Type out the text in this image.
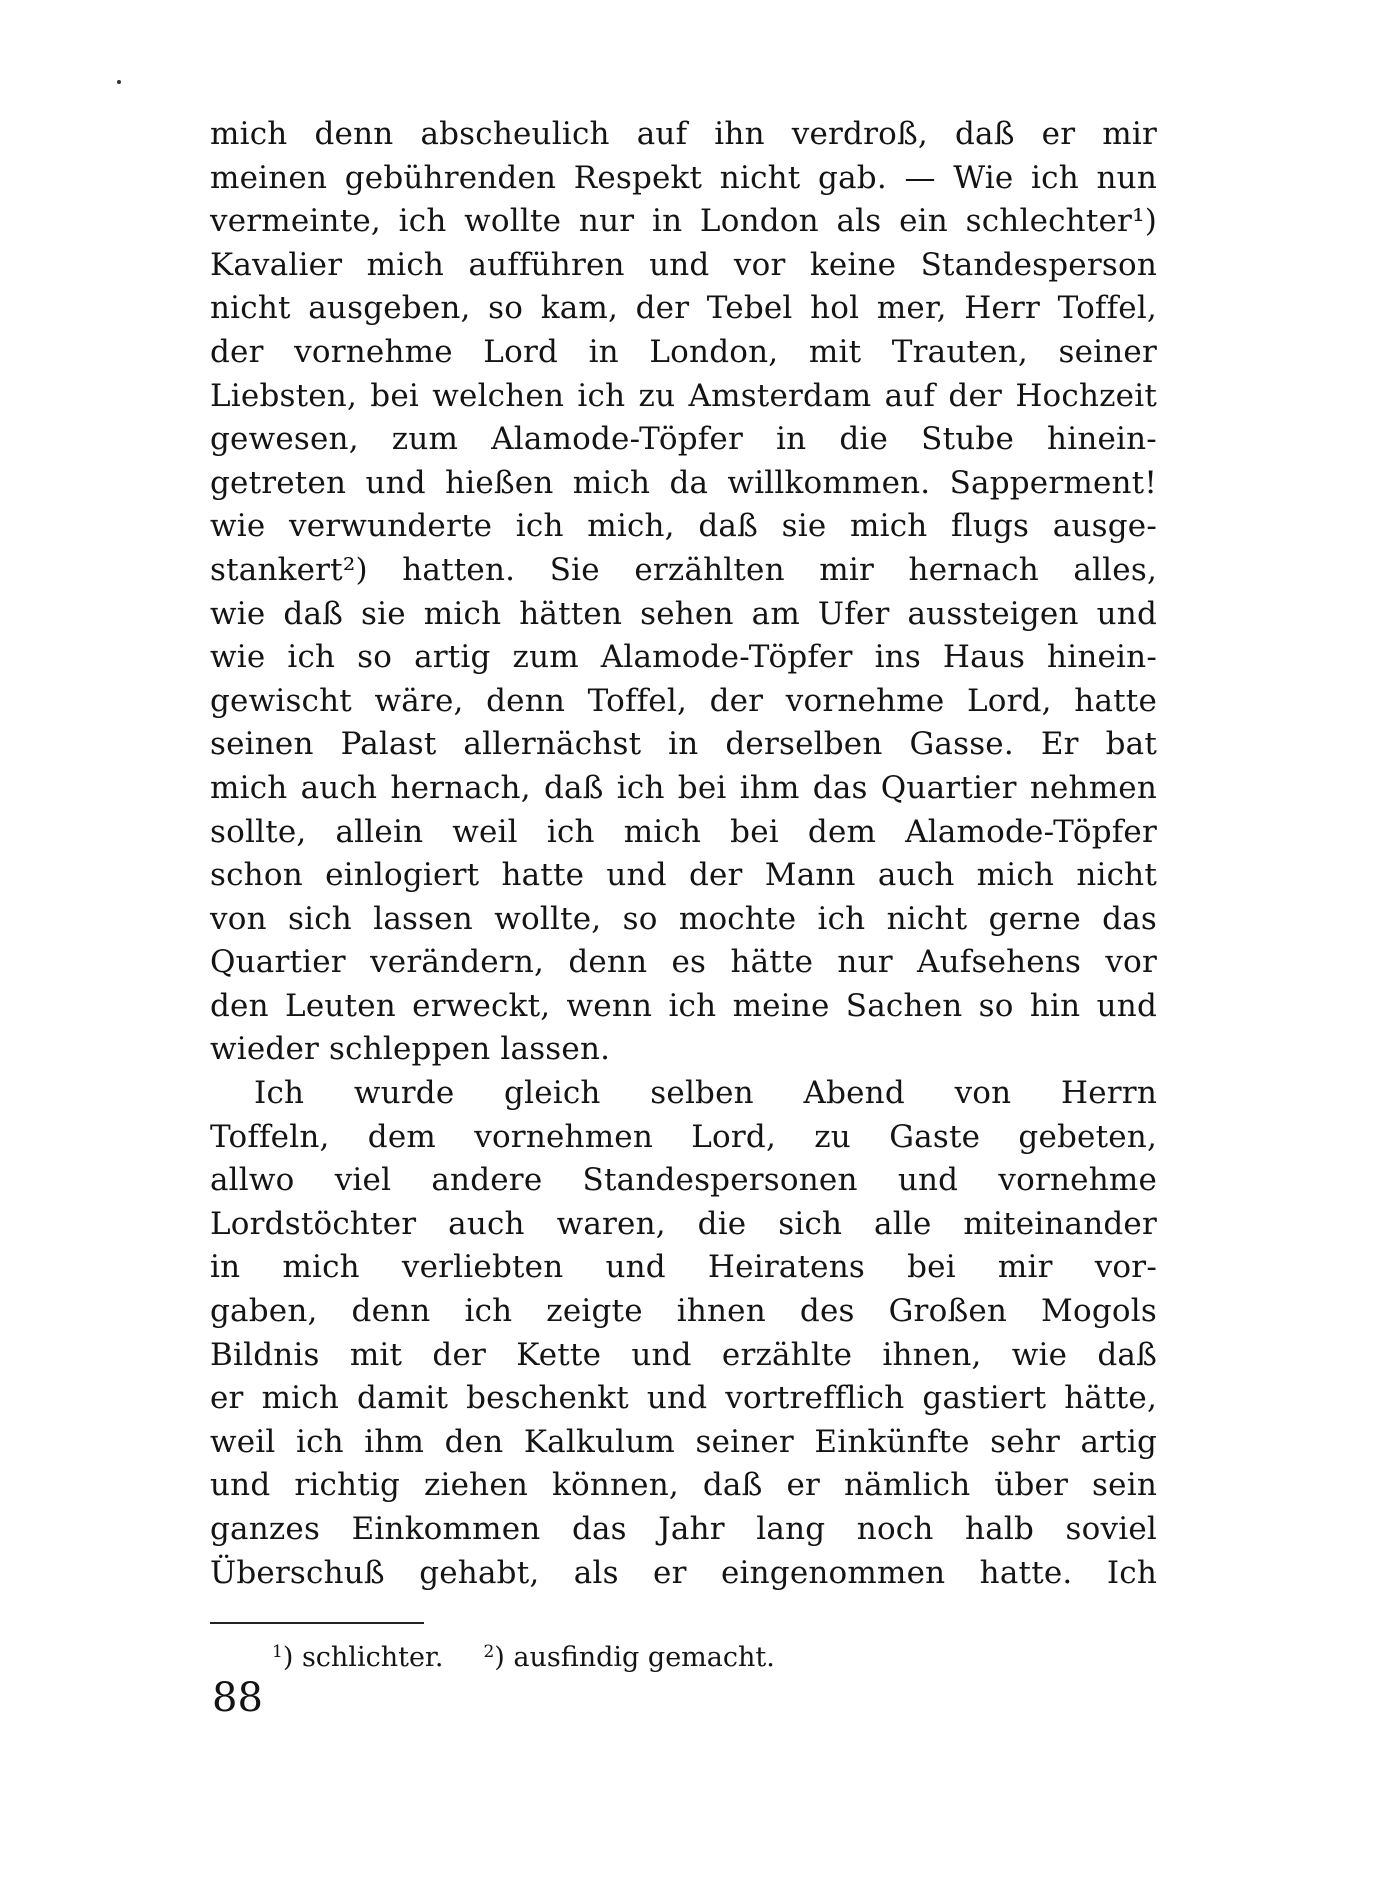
mich denn abscheulich auf ihn verdroß, daß er mir
meinen gebührenden Respekt nicht gab. — Wie ich nun
vermeinte, ich wollte nur in London als ein schlechter¹)
Kavalier mich aufführen und vor keine Standesperson
nicht ausgeben, so kam, der Tebel hol mer, Herr Toffel,
der vornehme Lord in London, mit Trauten, seiner
Liebsten, bei welchen ich zu Amsterdam auf der Hochzeit
gewesen, zum Alamode-Töpfer in die Stube hinein-
getreten und hießen mich da willkommen. Sapperment!
wie verwunderte ich mich, daß sie mich flugs ausge-
stankert²) hatten. Sie erzählten mir hernach alles,
wie daß sie mich hätten sehen am Ufer aussteigen und
wie ich so artig zum Alamode-Töpfer ins Haus hinein-
gewischt wäre, denn Toffel, der vornehme Lord, hatte
seinen Palast allernächst in derselben Gasse. Er bat
mich auch hernach, daß ich bei ihm das Quartier nehmen
sollte, allein weil ich mich bei dem Alamode-Töpfer
schon einlogiert hatte und der Mann auch mich nicht
von sich lassen wollte, so mochte ich nicht gerne das
Quartier verändern, denn es hätte nur Aufsehens vor
den Leuten erweckt, wenn ich meine Sachen so hin und
wieder schleppen lassen.
Ich wurde gleich selben Abend von Herrn
Toffeln, dem vornehmen Lord, zu Gaste gebeten,
allwo viel andere Standespersonen und vornehme
Lordstöchter auch waren, die sich alle miteinander
in mich verliebten und Heiratens bei mir vor-
gaben, denn ich zeigte ihnen des Großen Mogols
Bildnis mit der Kette und erzählte ihnen, wie daß
er mich damit beschenkt und vortrefflich gastiert hätte,
weil ich ihm den Kalkulum seiner Einkünfte sehr artig
und richtig ziehen können, daß er nämlich über sein
ganzes Einkommen das Jahr lang noch halb soviel
Überschuß gehabt, als er eingenommen hatte. Ich
$^1$) schlichter. $^2$) ausfindig gemacht.
88
